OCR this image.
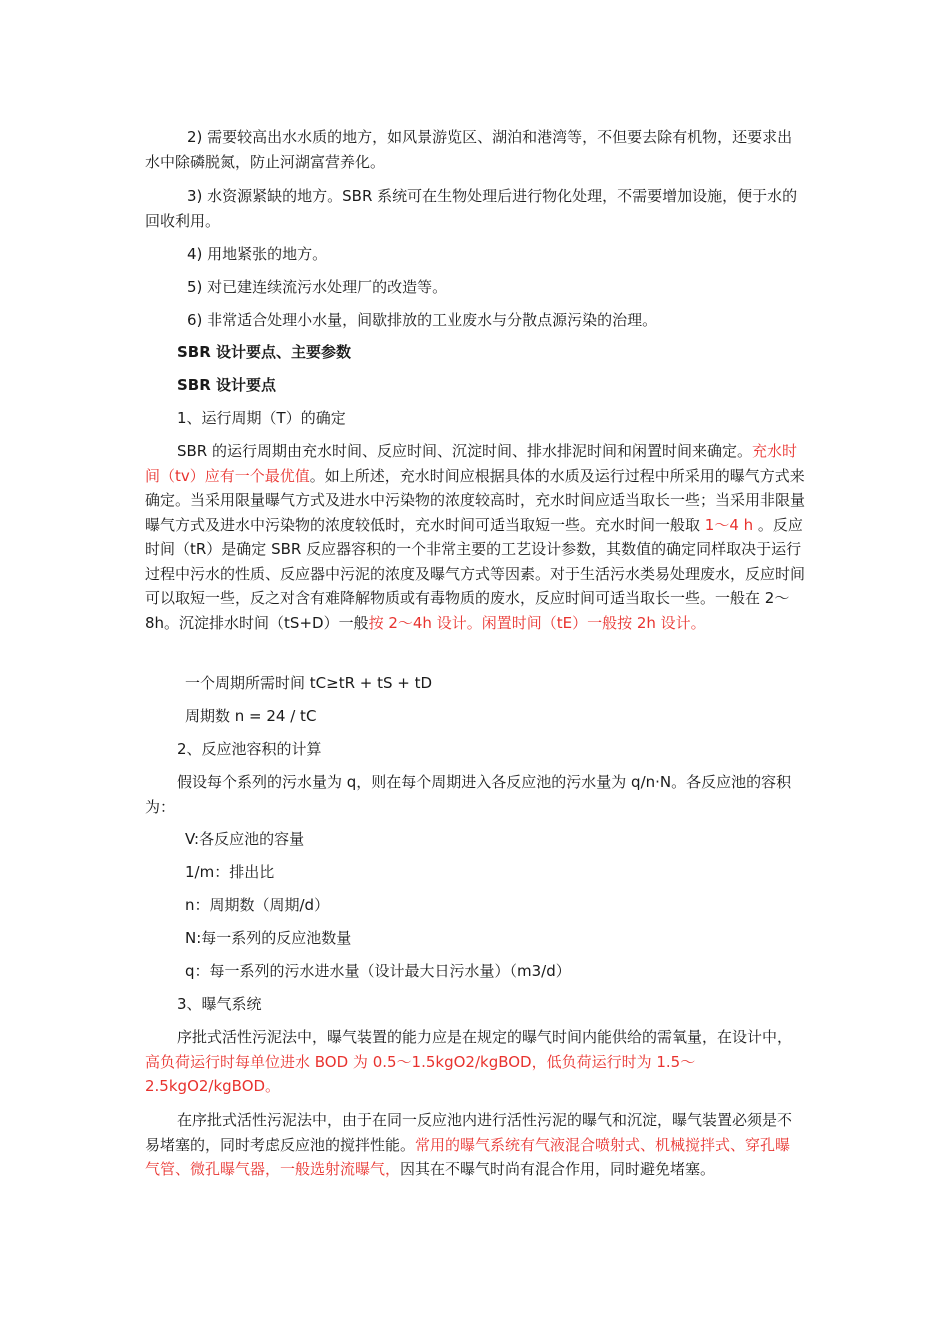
2) 需要较高出水水质的地方，如风景游览区、湖泊和港湾等，不但要去除有机物，还要求出水中除磷脱氮，防止河湖富营养化。

3) 水资源紧缺的地方。SBR 系统可在生物处理后进行物化处理，不需要增加设施，便于水的回收利用。

4) 用地紧张的地方。

5) 对已建连续流污水处理厂的改造等。

6) 非常适合处理小水量，间歇排放的工业废水与分散点源污染的治理。

SBR 设计要点、主要参数

SBR 设计要点

1、运行周期（T）的确定

SBR 的运行周期由充水时间、反应时间、沉淀时间、排水排泥时间和闲置时间来确定。充水时间（tv）应有一个最优值。如上所述，充水时间应根据具体的水质及运行过程中所采用的曝气方式来确定。当采用限量曝气方式及进水中污染物的浓度较高时，充水时间应适当取长一些；当采用非限量曝气方式及进水中污染物的浓度较低时，充水时间可适当取短一些。充水时间一般取 1～4 h 。反应时间（tR）是确定 SBR 反应器容积的一个非常主要的工艺设计参数，其数值的确定同样取决于运行过程中污水的性质、反应器中污泥的浓度及曝气方式等因素。对于生活污水类易处理废水，反应时间可以取短一些，反之对含有难降解物质或有毒物质的废水，反应时间可适当取长一些。一般在 2～8h。沉淀排水时间（tS+D）一般按 2～4h 设计。闲置时间（tE）一般按 2h 设计。

一个周期所需时间 tC≥tR + tS + tD

周期数 n = 24 / tC

2、反应池容积的计算

假设每个系列的污水量为 q，则在每个周期进入各反应池的污水量为 q/n·N。各反应池的容积为：

V:各反应池的容量

1/m：排出比

n：周期数（周期/d）

N:每一系列的反应池数量

q：每一系列的污水进水量（设计最大日污水量）（m3/d）

3、曝气系统

序批式活性污泥法中，曝气装置的能力应是在规定的曝气时间内能供给的需氧量，在设计中，高负荷运行时每单位进水 BOD 为 0.5～1.5kgO2/kgBOD，低负荷运行时为 1.5～2.5kgO2/kgBOD。

在序批式活性污泥法中，由于在同一反应池内进行活性污泥的曝气和沉淀，曝气装置必须是不易堵塞的，同时考虑反应池的搅拌性能。常用的曝气系统有气液混合喷射式、机械搅拌式、穿孔曝气管、微孔曝气器，一般选射流曝气，因其在不曝气时尚有混合作用，同时避免堵塞。
